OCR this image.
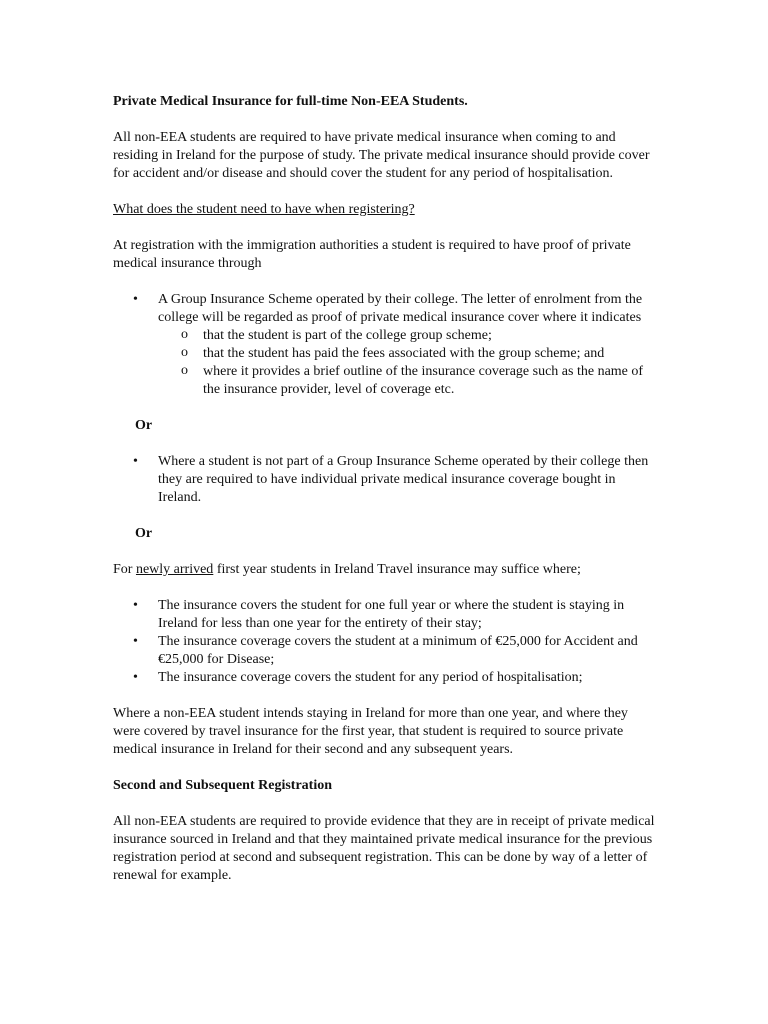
Private Medical Insurance for full-time Non-EEA Students.

All non-EEA students are required to have private medical insurance when coming to and residing in Ireland for the purpose of study. The private medical insurance should provide cover for accident and/or disease and should cover the student for any period of hospitalisation.

What does the student need to have when registering?

At registration with the immigration authorities a student is required to have proof of private medical insurance through

• A Group Insurance Scheme operated by their college. The letter of enrolment from the college will be regarded as proof of private medical insurance cover where it indicates
o that the student is part of the college group scheme;
o that the student has paid the fees associated with the group scheme; and
o where it provides a brief outline of the insurance coverage such as the name of the insurance provider, level of coverage etc.

Or

• Where a student is not part of a Group Insurance Scheme operated by their college then they are required to have individual private medical insurance coverage bought in Ireland.

Or

For newly arrived first year students in Ireland Travel insurance may suffice where;

• The insurance covers the student for one full year or where the student is staying in Ireland for less than one year for the entirety of their stay;
• The insurance coverage covers the student at a minimum of €25,000 for Accident and €25,000 for Disease;
• The insurance coverage covers the student for any period of hospitalisation;

Where a non-EEA student intends staying in Ireland for more than one year, and where they were covered by travel insurance for the first year, that student is required to source private medical insurance in Ireland for their second and any subsequent years.

Second and Subsequent Registration

All non-EEA students are required to provide evidence that they are in receipt of private medical insurance sourced in Ireland and that they maintained private medical insurance for the previous registration period at second and subsequent registration. This can be done by way of a letter of renewal for example.
